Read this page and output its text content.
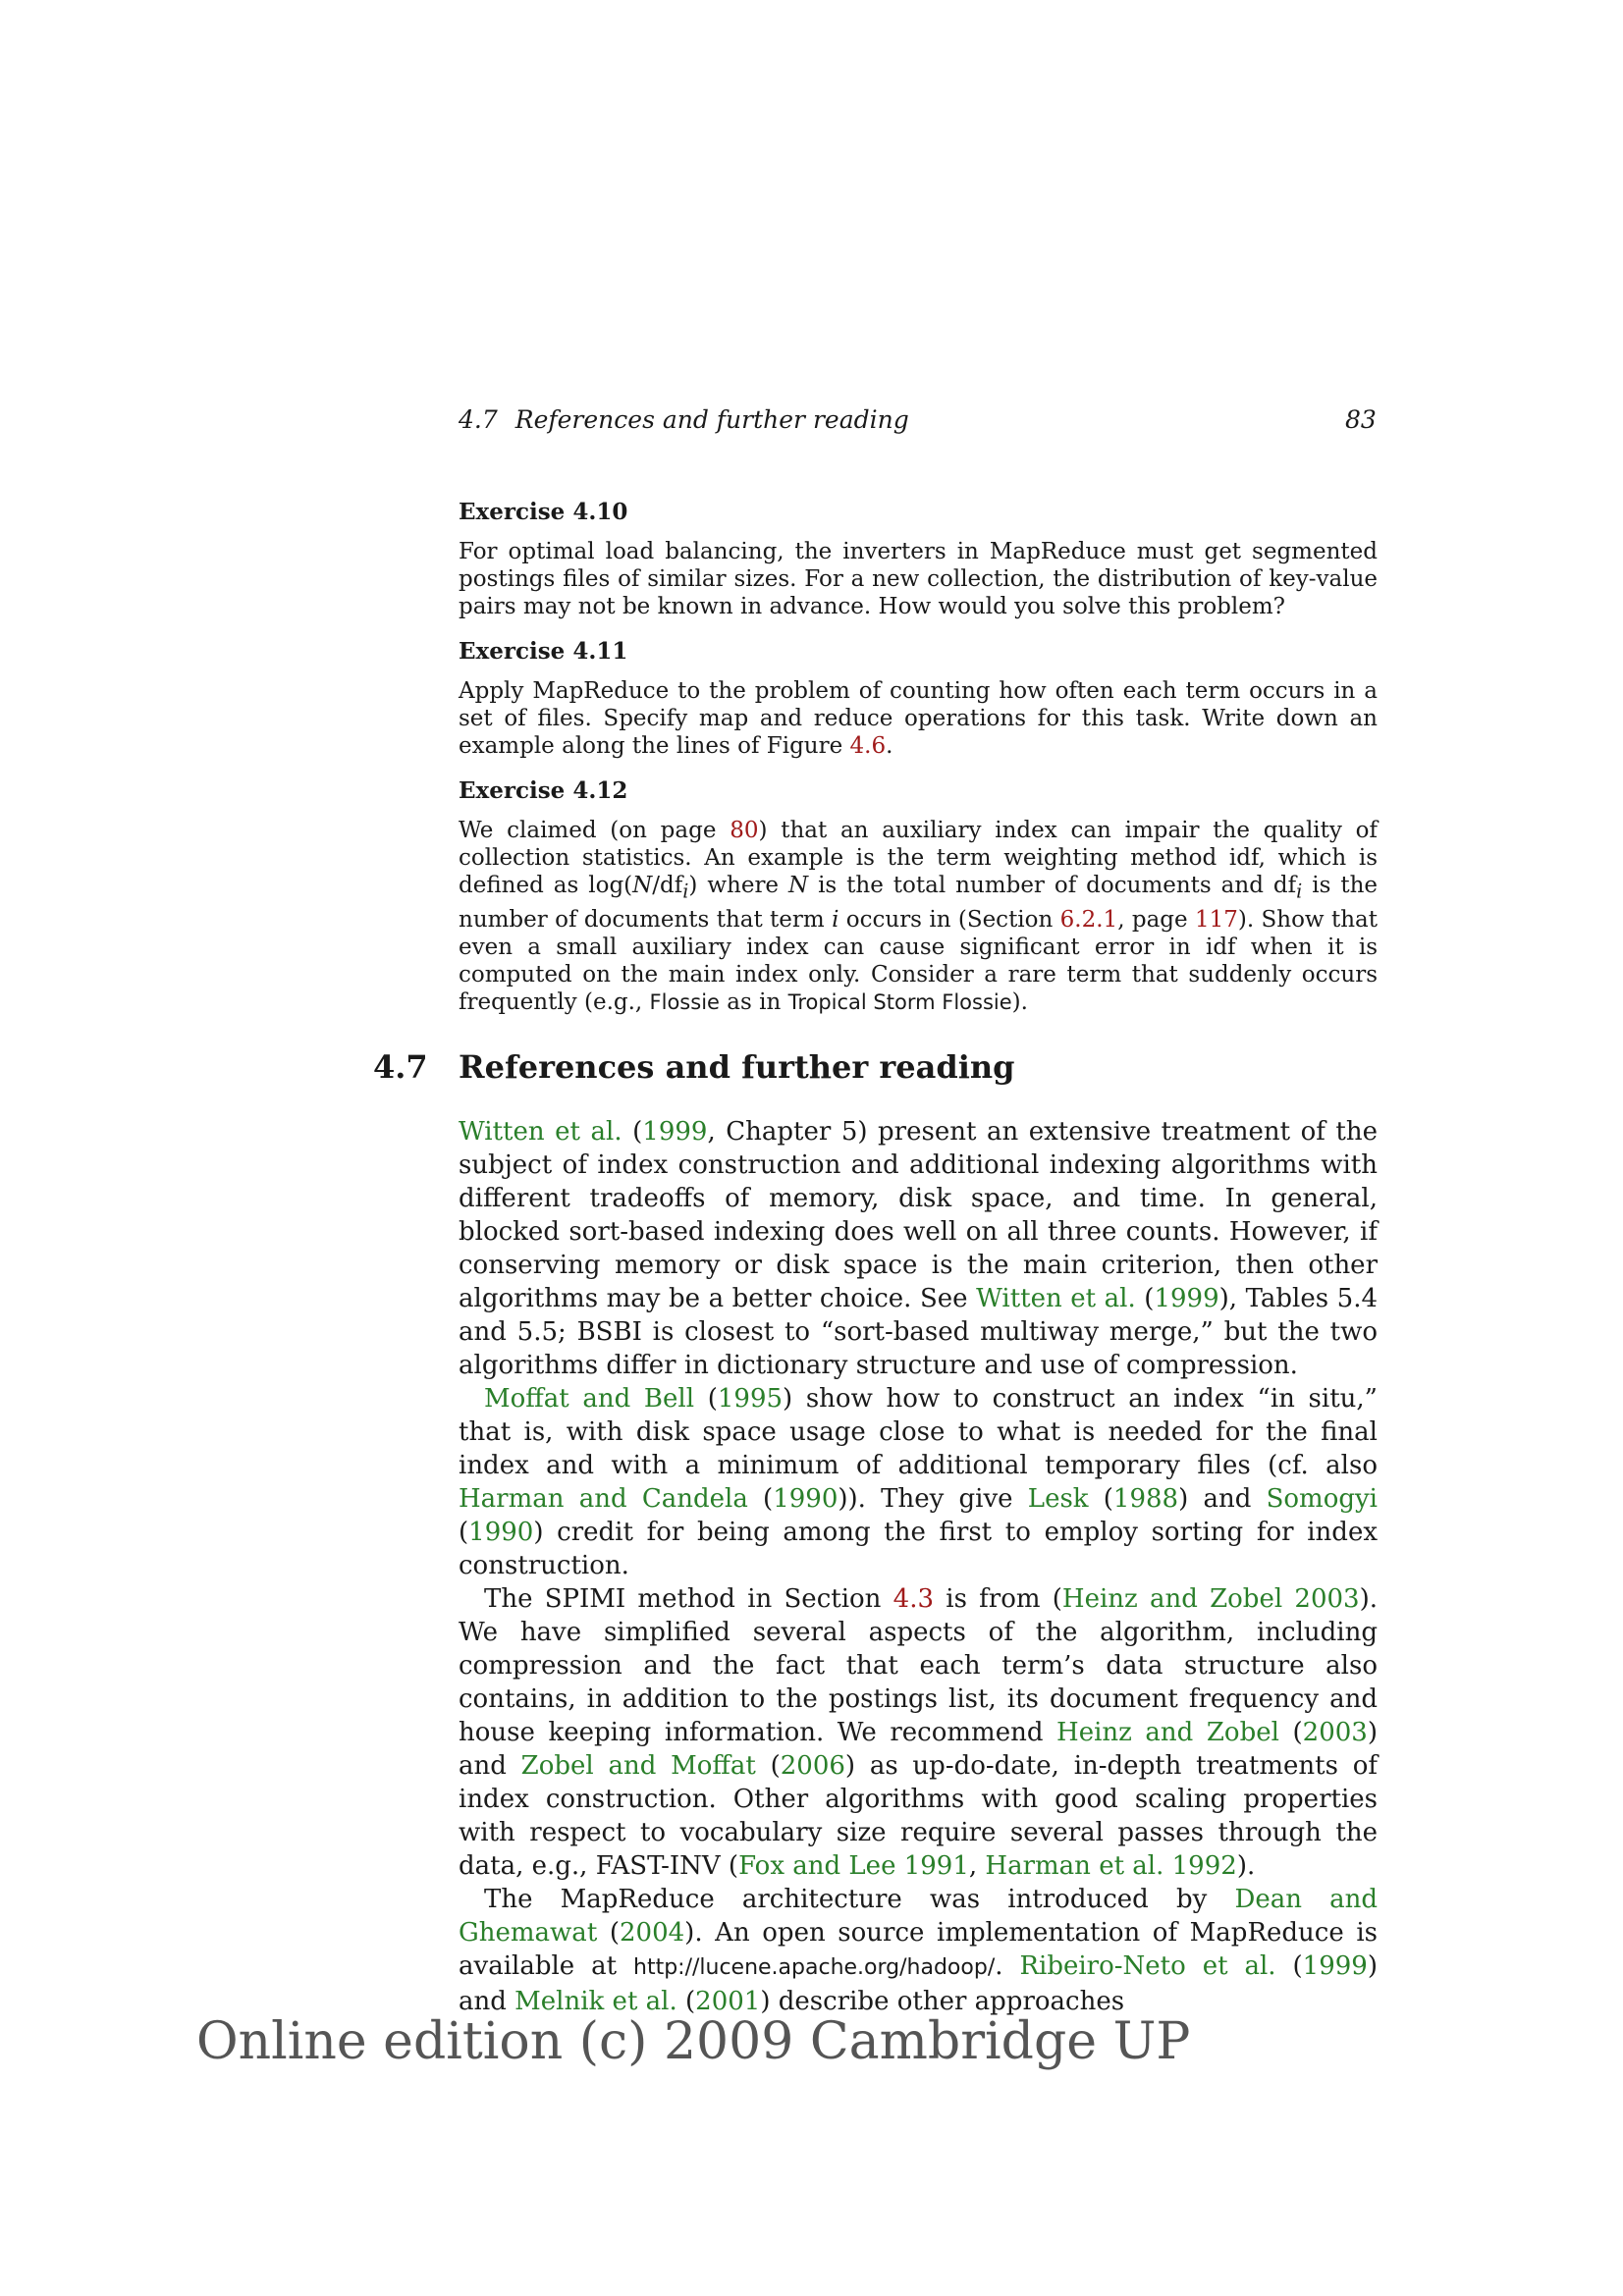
4.7 References and further reading	83
Exercise 4.10

For optimal load balancing, the inverters in MapReduce must get segmented postings files of similar sizes. For a new collection, the distribution of key-value pairs may not be known in advance. How would you solve this problem?

Exercise 4.11

Apply MapReduce to the problem of counting how often each term occurs in a set of files. Specify map and reduce operations for this task. Write down an example along the lines of Figure 4.6.

Exercise 4.12

We claimed (on page 80) that an auxiliary index can impair the quality of collection statistics. An example is the term weighting method idf, which is defined as $\log(N/df_i)$ where N is the total number of documents and $df_i$ is the number of documents that term i occurs in (Section 6.2.1, page 117). Show that even a small auxiliary index can cause significant error in idf when it is computed on the main index only. Consider a rare term that suddenly occurs frequently (e.g., Flossie as in Tropical Storm Flossie).

4.7 References and further reading

Witten et al. (1999, Chapter 5) present an extensive treatment of the subject of index construction and additional indexing algorithms with different tradeoffs of memory, disk space, and time. In general, blocked sort-based indexing does well on all three counts. However, if conserving memory or disk space is the main criterion, then other algorithms may be a better choice. See Witten et al. (1999), Tables 5.4 and 5.5; BSBI is closest to “sort-based multiway merge,” but the two algorithms differ in dictionary structure and use of compression.

Moffat and Bell (1995) show how to construct an index “in situ,” that is, with disk space usage close to what is needed for the final index and with a minimum of additional temporary files (cf. also Harman and Candela (1990)). They give Lesk (1988) and Somogyi (1990) credit for being among the first to employ sorting for index construction.

The SPIMI method in Section 4.3 is from (Heinz and Zobel 2003). We have simplified several aspects of the algorithm, including compression and the fact that each term’s data structure also contains, in addition to the postings list, its document frequency and house keeping information. We recommend Heinz and Zobel (2003) and Zobel and Moffat (2006) as up-do-date, in-depth treatments of index construction. Other algorithms with good scaling properties with respect to vocabulary size require several passes through the data, e.g., FAST-INV (Fox and Lee 1991, Harman et al. 1992).

The MapReduce architecture was introduced by Dean and Ghemawat (2004). An open source implementation of MapReduce is available at http://lucene.apache.org/hadoop/. Ribeiro-Neto et al. (1999) and Melnik et al. (2001) describe other approaches

Online edition (c) 2009 Cambridge UP
